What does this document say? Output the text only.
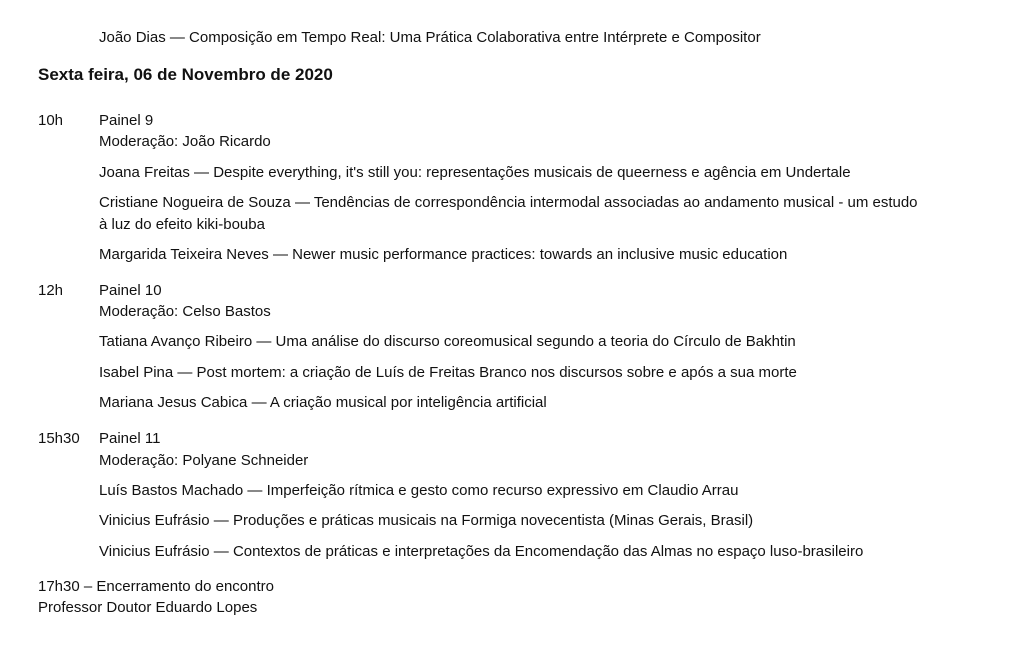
João Dias — Composição em Tempo Real: Uma Prática Colaborativa entre Intérprete e Compositor
Sexta feira, 06 de Novembro de 2020
10h Painel 9
Moderação: João Ricardo
Joana Freitas — Despite everything, it's still you: representações musicais de queerness e agência em Undertale
Cristiane Nogueira de Souza — Tendências de correspondência intermodal associadas ao andamento musical - um estudo à luz do efeito kiki-bouba
Margarida Teixeira Neves — Newer music performance practices: towards an inclusive music education
12h Painel 10
Moderação: Celso Bastos
Tatiana Avanço Ribeiro — Uma análise do discurso coreomusical segundo a teoria do Círculo de Bakhtin
Isabel Pina — Post mortem: a criação de Luís de Freitas Branco nos discursos sobre e após a sua morte
Mariana Jesus Cabica — A criação musical por inteligência artificial
15h30 Painel 11
Moderação: Polyane Schneider
Luís Bastos Machado — Imperfeição rítmica e gesto como recurso expressivo em Claudio Arrau
Vinicius Eufrásio — Produções e práticas musicais na Formiga novecentista (Minas Gerais, Brasil)
Vinicius Eufrásio — Contextos de práticas e interpretações da Encomendação das Almas no espaço luso-brasileiro
17h30 – Encerramento do encontro
Professor Doutor Eduardo Lopes
